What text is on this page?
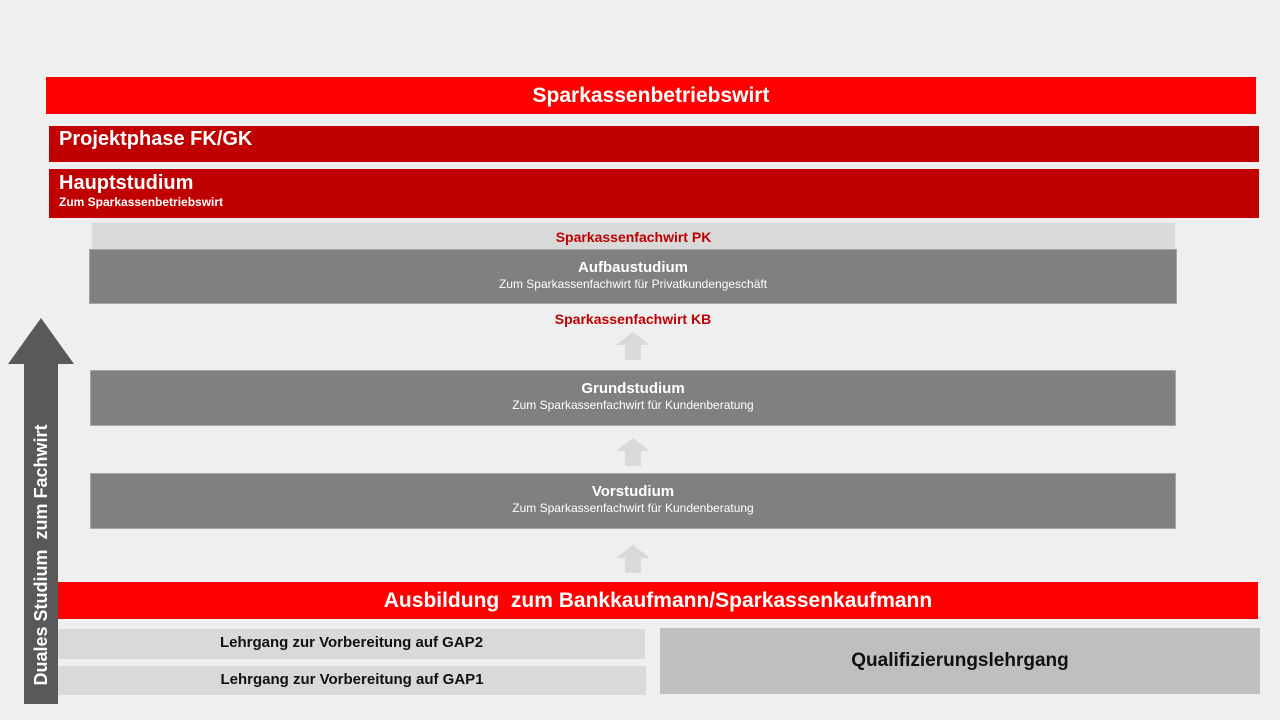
Sparkassenbetriebswirt
Projektphase FK/GK
Hauptstudium
Zum Sparkassenbetriebswirt
Sparkassenfachwirt PK
Aufbaustudium
Zum Sparkassenfachwirt für Privatkundengeschäft
Sparkassenfachwirt KB
Grundstudium
Zum Sparkassenfachwirt für Kundenberatung
Vorstudium
Zum Sparkassenfachwirt für Kundenberatung
Ausbildung  zum Bankkaufmann/Sparkassenkaufmann
Lehrgang zur Vorbereitung auf GAP2
Lehrgang zur Vorbereitung auf GAP1
Qualifizierungslehrgang
Duales Studium  zum Fachwirt
